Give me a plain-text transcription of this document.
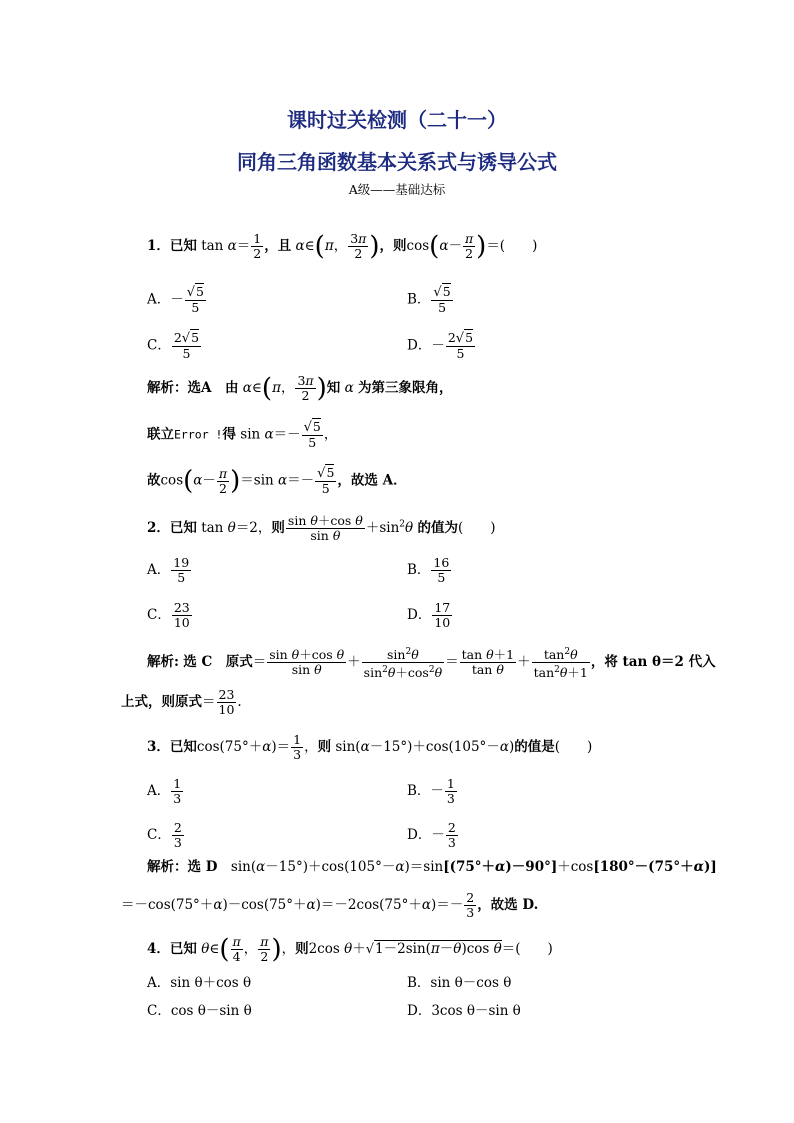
课时过关检测（二十一）
同角三角函数基本关系式与诱导公式
A级——基础达标
1．已知 $\tan \alpha= \frac{1}{2}$ ，且 α∈(π， $\frac{3\pi}{2}$ )，则$\cos(\alpha- \frac{\pi}{2}$ )＝(　　)
A．－ $\frac{√5}{5}$	B． $\frac{√5}{5}$
C． $\frac{2√5}{5}$	D．－ $\frac{2√5}{5}$
解析：选A　 由 α∈(π， $\frac{3\pi}{2}$ )知 α 为第三象限角，
联立Error !得 $\sin \alpha=- \frac{√5}{5}$ ，
故$\cos(\alpha- \frac{\pi}{2} )=\sin$ $\alpha=- \frac{√5}{5}$ ，故选 A．
2．已知 tan θ＝2，则 $\frac{\text{sin θ＋cos θ}}{\text{sin θ}} +\sin^2\theta$ 的值为(　　)
A． $\frac{19}{5}$	B． $\frac{16}{5}$
C． $\frac{23}{10}$	D． $\frac{17}{10}$
解析: 选 C　 原式＝ $\frac{\text{sin θ＋cos θ}}{\text{sin θ}} + \frac{\sin^2\theta}{\sin^2\theta+\cos^2\theta} = \frac{\text{tan θ＋1}}{\text{tan θ}} + \frac{\tan^2\theta}{\tan^2\theta+1}$ ，将 tan θ＝2 代入
上式，则原式＝ $\frac{23}{10}$ .
3．已知$\cos(75^\circ+\alpha)= \frac{1}{3}$ ，则 sin(α－15°)＋cos(105°－α)的值是(　　)
A． $\frac{1}{3}$	B．－ $\frac{1}{3}$
C． $\frac{2}{3}$	D．－ $\frac{2}{3}$
解析：选 D　sin(α－15°)＋cos(105°－α)＝sin[(75°＋α)－90°]＋cos[180°－(75°＋α)]
$=-\cos(75^\circ+\alpha)-\cos(75^\circ+\alpha)=-2\cos(75^\circ+\alpha)=- \frac{2}{3}$ ，故选 D.
4．已知 θ∈( $\frac{\pi}{4}$ ， $\frac{\pi}{2}$ )，则2cos θ＋√1－2sin(π－θ)cos θ＝(　　)
A．sin θ＋cos θ	B．sin θ－cos θ
C．cos θ－sin θ	D．3cos θ－sin θ
